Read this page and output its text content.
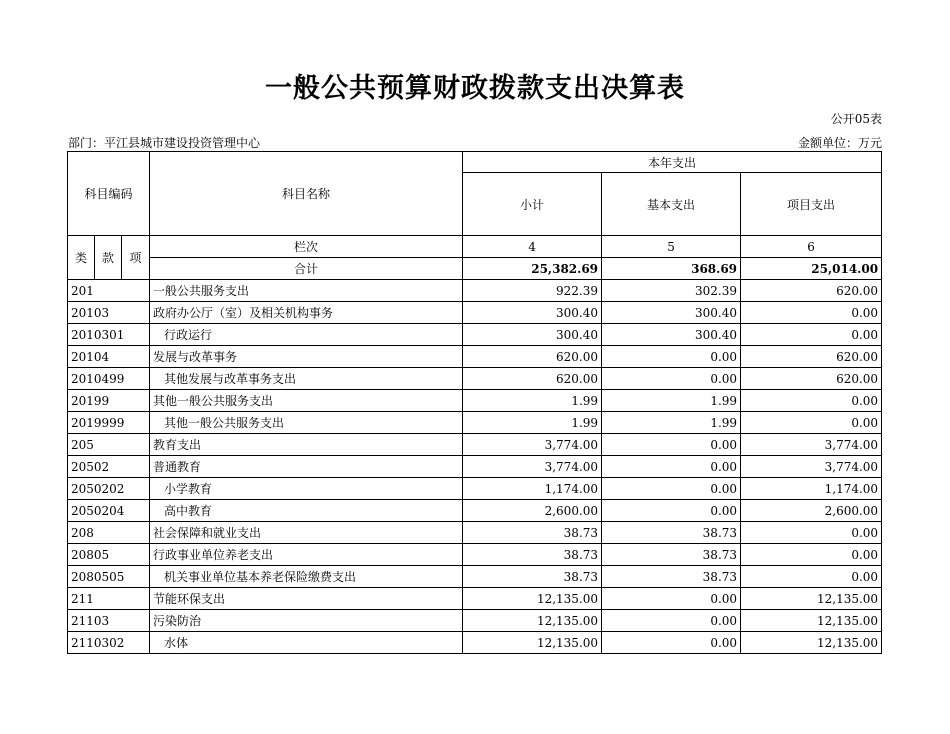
一般公共预算财政拨款支出决算表
公开05表
部门：平江县城市建设投资管理中心	金额单位：万元
科目编码			科目名称	本年支出		
				小计	基本支出	项目支出
类	款	项	栏次	4	5	6
			合计	25,382.69	368.69	25,014.00
201			一般公共服务支出	922.39	302.39	620.00
20103			政府办公厅（室）及相关机构事务	300.40	300.40	0.00
2010301			行政运行	300.40	300.40	0.00
20104			发展与改革事务	620.00	0.00	620.00
2010499			其他发展与改革事务支出	620.00	0.00	620.00
20199			其他一般公共服务支出	1.99	1.99	0.00
2019999			其他一般公共服务支出	1.99	1.99	0.00
205			教育支出	3,774.00	0.00	3,774.00
20502			普通教育	3,774.00	0.00	3,774.00
2050202			小学教育	1,174.00	0.00	1,174.00
2050204			高中教育	2,600.00	0.00	2,600.00
208			社会保障和就业支出	38.73	38.73	0.00
20805			行政事业单位养老支出	38.73	38.73	0.00
2080505			机关事业单位基本养老保险缴费支出	38.73	38.73	0.00
211			节能环保支出	12,135.00	0.00	12,135.00
21103			污染防治	12,135.00	0.00	12,135.00
2110302			水体	12,135.00	0.00	12,135.00
